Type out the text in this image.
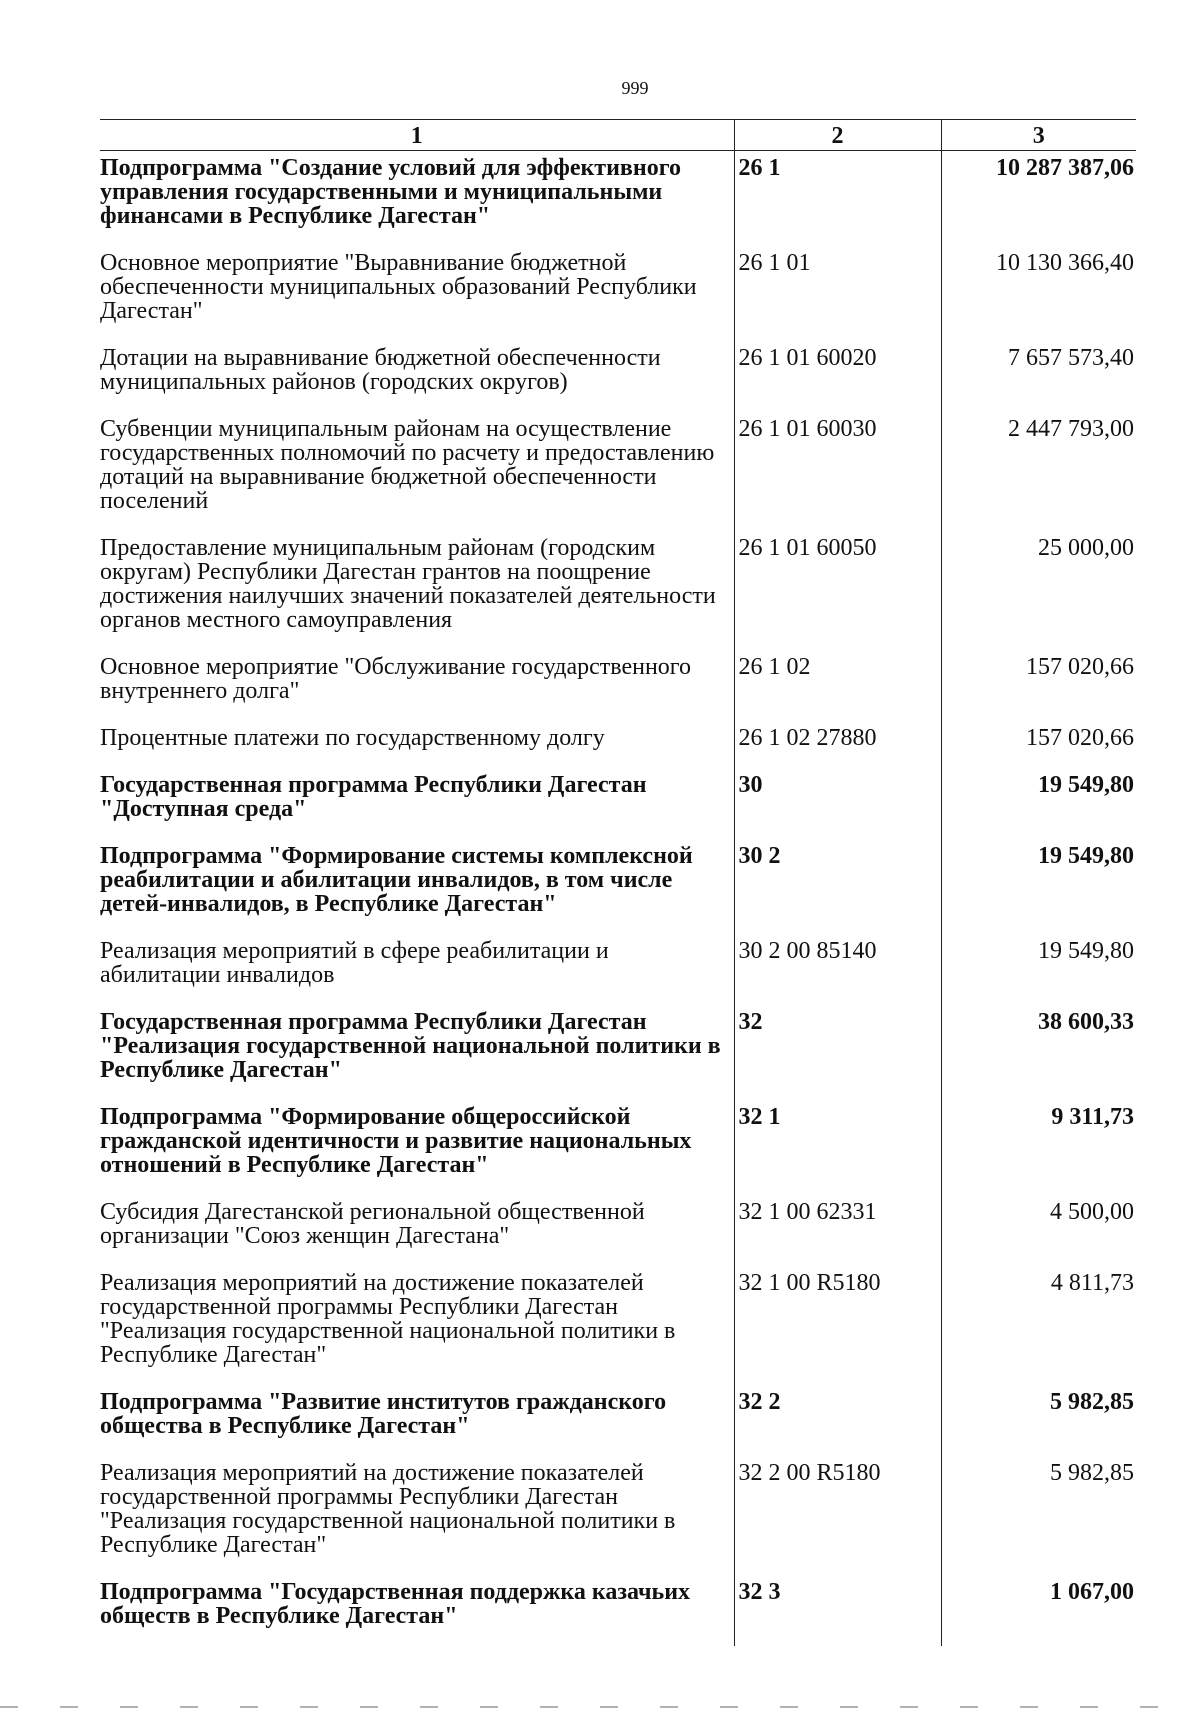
999
1	2	3
Подпрограмма "Создание условий для эффективного управления государственными и муниципальными финансами в Республике Дагестан"	26 1	10 287 387,06
Основное мероприятие "Выравнивание бюджетной обеспеченности муниципальных образований Республики Дагестан"	26 1 01	10 130 366,40
Дотации на выравнивание бюджетной обеспеченности муниципальных районов (городских округов)	26 1 01 60020	7 657 573,40
Субвенции муниципальным районам на осуществление государственных полномочий по расчету и предоставлению дотаций на выравнивание бюджетной обеспеченности поселений	26 1 01 60030	2 447 793,00
Предоставление муниципальным районам (городским округам) Республики Дагестан грантов на поощрение достижения наилучших значений показателей деятельности органов местного самоуправления	26 1 01 60050	25 000,00
Основное мероприятие "Обслуживание государственного внутреннего долга"	26 1 02	157 020,66
Процентные платежи по государственному долгу	26 1 02 27880	157 020,66
Государственная программа Республики Дагестан "Доступная среда"	30	19 549,80
Подпрограмма "Формирование системы комплексной реабилитации и абилитации инвалидов, в том числе детей-инвалидов, в Республике Дагестан"	30 2	19 549,80
Реализация мероприятий в сфере реабилитации и абилитации инвалидов	30 2 00 85140	19 549,80
Государственная программа Республики Дагестан "Реализация государственной национальной политики в Республике Дагестан"	32	38 600,33
Подпрограмма "Формирование общероссийской гражданской идентичности и развитие национальных отношений в Республике Дагестан"	32 1	9 311,73
Субсидия Дагестанской региональной общественной организации "Союз женщин Дагестана"	32 1 00 62331	4 500,00
Реализация мероприятий на достижение показателей государственной программы Республики Дагестан "Реализация государственной национальной политики в Республике Дагестан"	32 1 00 R5180	4 811,73
Подпрограмма "Развитие институтов гражданского общества в Республике Дагестан"	32 2	5 982,85
Реализация мероприятий на достижение показателей государственной программы Республики Дагестан "Реализация государственной национальной политики в Республике Дагестан"	32 2 00 R5180	5 982,85
Подпрограмма "Государственная поддержка казачьих обществ в Республике Дагестан"	32 3	1 067,00
